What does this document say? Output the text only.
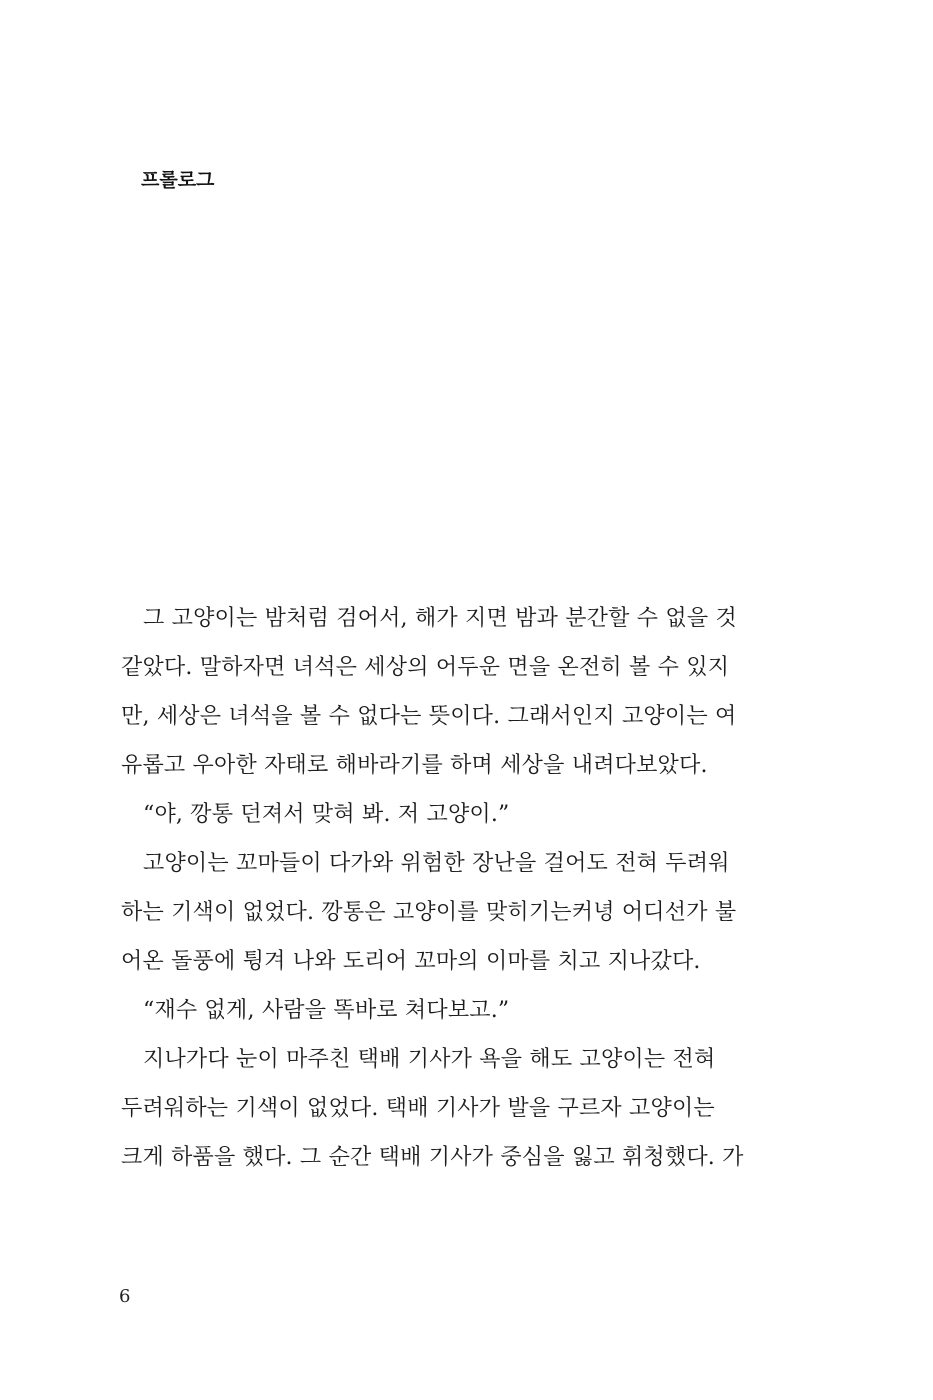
프롤로그
그 고양이는 밤처럼 검어서, 해가 지면 밤과 분간할 수 없을 것
같았다. 말하자면 녀석은 세상의 어두운 면을 온전히 볼 수 있지
만, 세상은 녀석을 볼 수 없다는 뜻이다. 그래서인지 고양이는 여
유롭고 우아한 자태로 해바라기를 하며 세상을 내려다보았다.
“야, 깡통 던져서 맞혀 봐. 저 고양이.”
고양이는 꼬마들이 다가와 위험한 장난을 걸어도 전혀 두려워
하는 기색이 없었다. 깡통은 고양이를 맞히기는커녕 어디선가 불
어온 돌풍에 튕겨 나와 도리어 꼬마의 이마를 치고 지나갔다.
“재수 없게, 사람을 똑바로 쳐다보고.”
지나가다 눈이 마주친 택배 기사가 욕을 해도 고양이는 전혀
두려워하는 기색이 없었다. 택배 기사가 발을 구르자 고양이는
크게 하품을 했다. 그 순간 택배 기사가 중심을 잃고 휘청했다. 가
6
